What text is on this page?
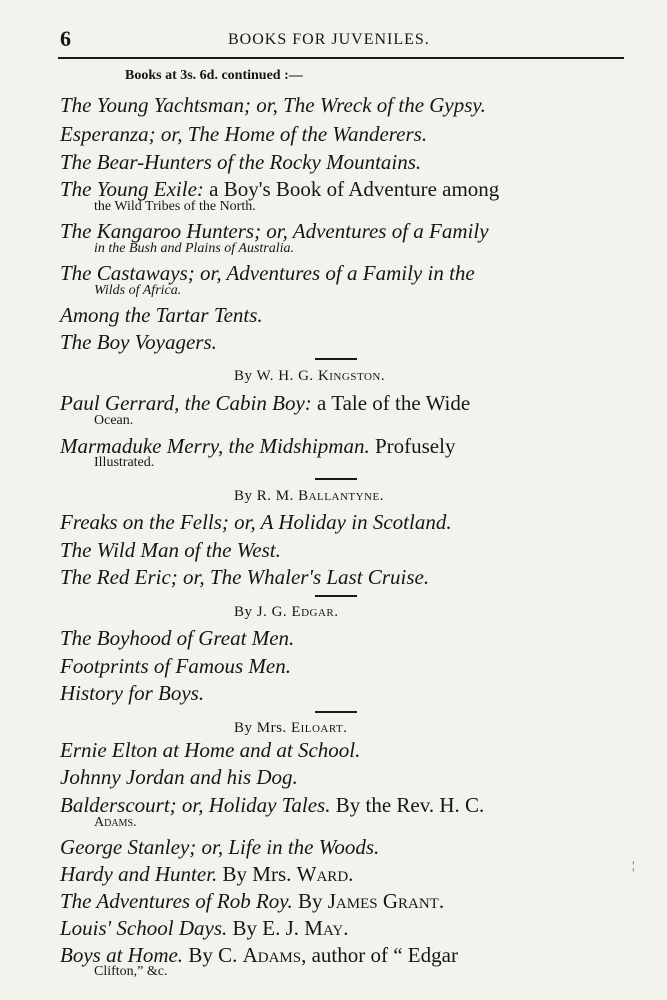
6	BOOKS FOR JUVENILES.
Books at 3s. 6d. continued :—
The Young Yachtsman; or, The Wreck of the Gypsy.
Esperanza; or, The Home of the Wanderers.
The Bear-Hunters of the Rocky Mountains.
The Young Exile: a Boy's Book of Adventure among
the Wild Tribes of the North.
The Kangaroo Hunters; or, Adventures of a Family
in the Bush and Plains of Australia.
The Castaways; or, Adventures of a Family in the
Wilds of Africa.
Among the Tartar Tents.
The Boy Voyagers.
By W. H. G. Kingston.
Paul Gerrard, the Cabin Boy: a Tale of the Wide
Ocean.
Marmaduke Merry, the Midshipman. Profusely
Illustrated.
By R. M. Ballantyne.
Freaks on the Fells; or, A Holiday in Scotland.
The Wild Man of the West.
The Red Eric; or, The Whaler's Last Cruise.
By J. G. Edgar.
The Boyhood of Great Men.
Footprints of Famous Men.
History for Boys.
By Mrs. Eiloart.
Ernie Elton at Home and at School.
Johnny Jordan and his Dog.
Balderscourt; or, Holiday Tales. By the Rev. H. C.
Adams.
George Stanley; or, Life in the Woods.
Hardy and Hunter. By Mrs. Ward.
The Adventures of Rob Roy. By James Grant.
Louis' School Days. By E. J. May.
Boys at Home. By C. Adams, author of “ Edgar
Clifton,” &c.
¦
